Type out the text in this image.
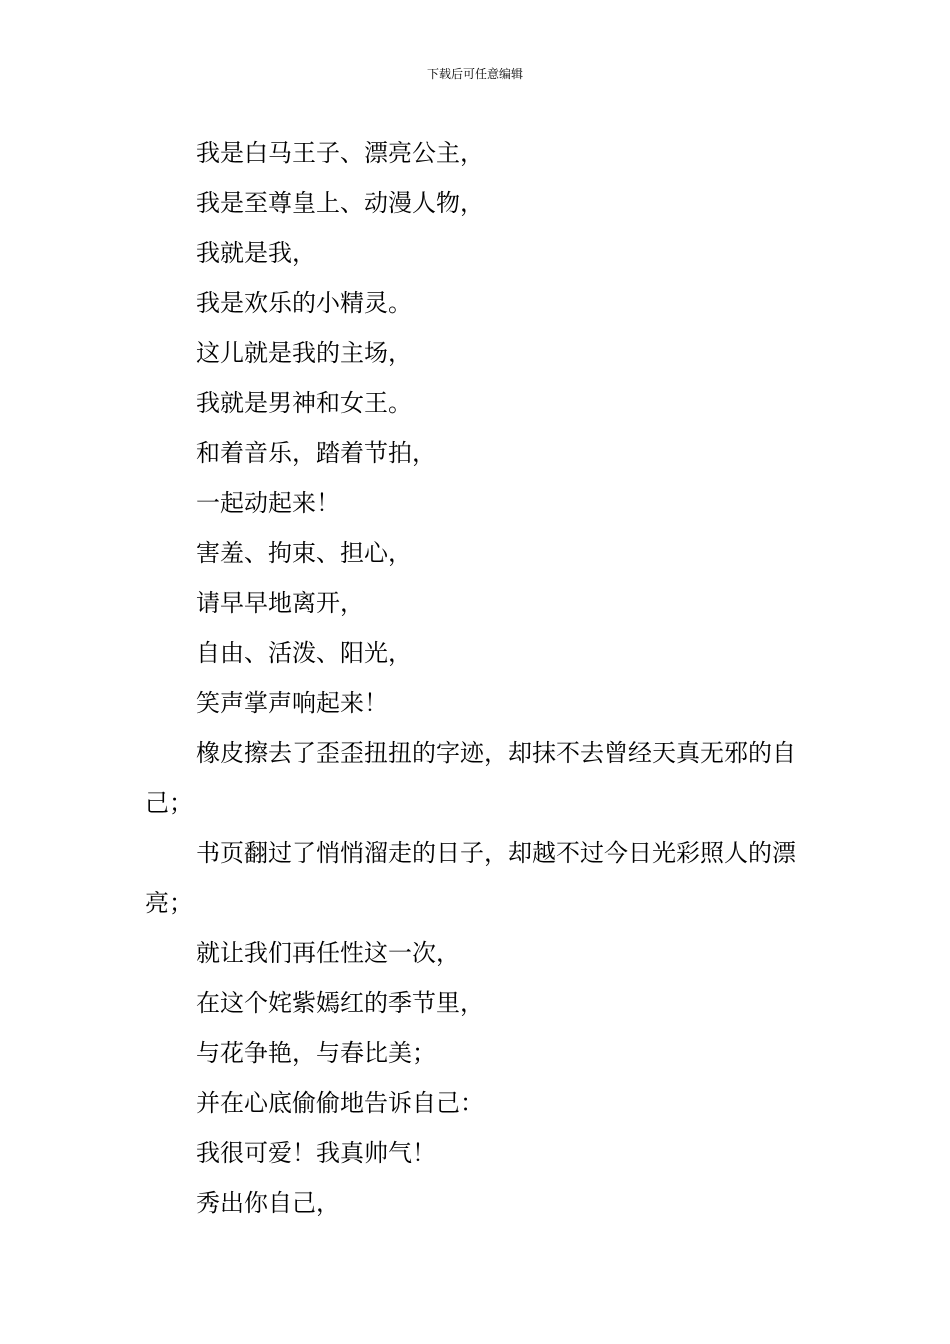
下载后可任意编辑

我是白马王子、漂亮公主，

我是至尊皇上、动漫人物，

我就是我，

我是欢乐的小精灵。

这儿就是我的主场，

我就是男神和女王。

和着音乐，踏着节拍，

一起动起来！

害羞、拘束、担心，

请早早地离开，

自由、活泼、阳光，

笑声掌声响起来！

橡皮擦去了歪歪扭扭的字迹，却抹不去曾经天真无邪的自己；

书页翻过了悄悄溜走的日子，却越不过今日光彩照人的漂亮；

就让我们再任性这一次，

在这个姹紫嫣红的季节里，

与花争艳，与春比美；

并在心底偷偷地告诉自己：

我很可爱！我真帅气！

秀出你自己，
